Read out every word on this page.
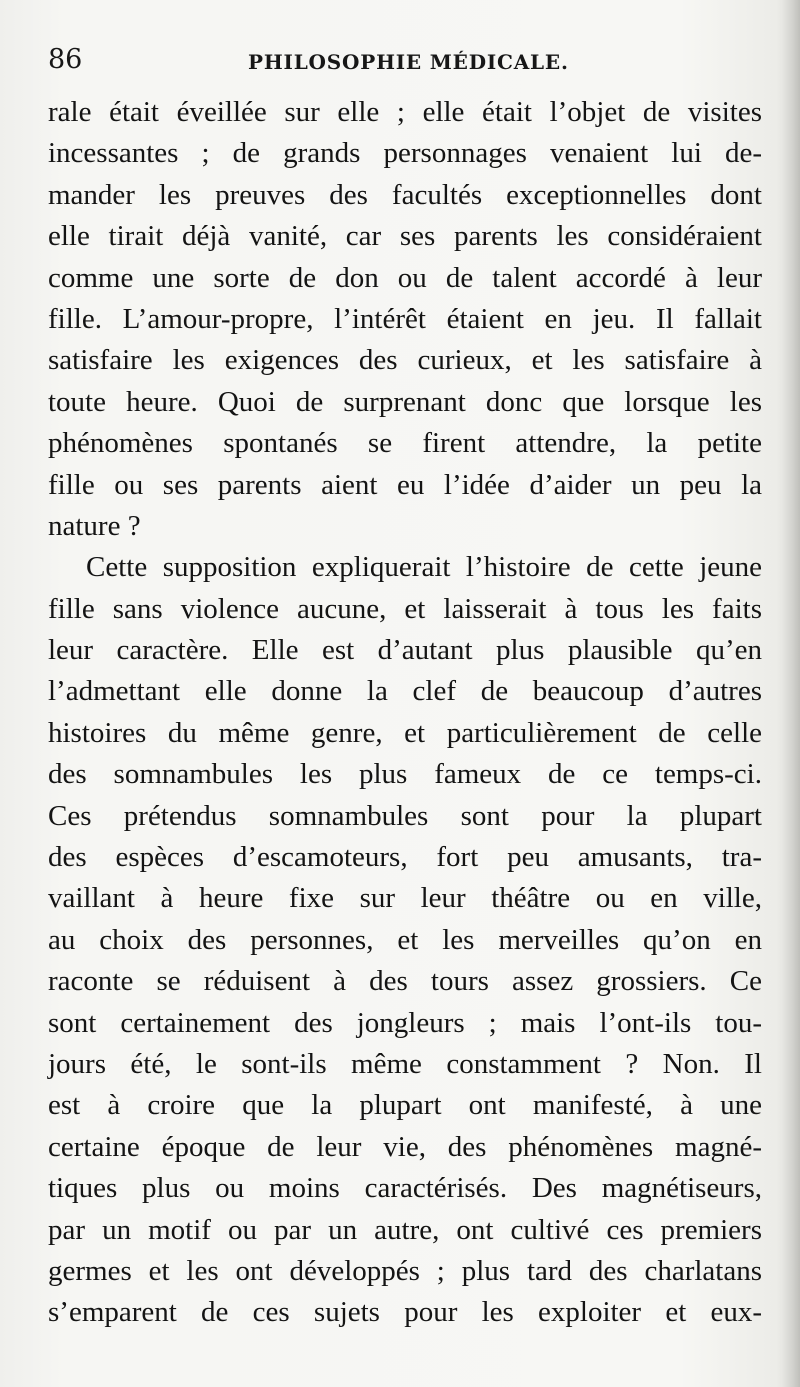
86	PHILOSOPHIE MÉDICALE.
rale était éveillée sur elle ; elle était l’objet de visites
incessantes ; de grands personnages venaient lui de-
mander les preuves des facultés exceptionnelles dont
elle tirait déjà vanité, car ses parents les considéraient
comme une sorte de don ou de talent accordé à leur
fille. L’amour-propre, l’intérêt étaient en jeu. Il fallait
satisfaire les exigences des curieux, et les satisfaire à
toute heure. Quoi de surprenant donc que lorsque les
phénomènes spontanés se firent attendre, la petite
fille ou ses parents aient eu l’idée d’aider un peu la
nature ?
Cette supposition expliquerait l’histoire de cette jeune
fille sans violence aucune, et laisserait à tous les faits
leur caractère. Elle est d’autant plus plausible qu’en
l’admettant elle donne la clef de beaucoup d’autres
histoires du même genre, et particulièrement de celle
des somnambules les plus fameux de ce temps-ci.
Ces prétendus somnambules sont pour la plupart
des espèces d’escamoteurs, fort peu amusants, tra-
vaillant à heure fixe sur leur théâtre ou en ville,
au choix des personnes, et les merveilles qu’on en
raconte se réduisent à des tours assez grossiers. Ce
sont certainement des jongleurs ; mais l’ont-ils tou-
jours été, le sont-ils même constamment ? Non. Il
est à croire que la plupart ont manifesté, à une
certaine époque de leur vie, des phénomènes magné-
tiques plus ou moins caractérisés. Des magnétiseurs,
par un motif ou par un autre, ont cultivé ces premiers
germes et les ont développés ; plus tard des charlatans
s’emparent de ces sujets pour les exploiter et eux-
